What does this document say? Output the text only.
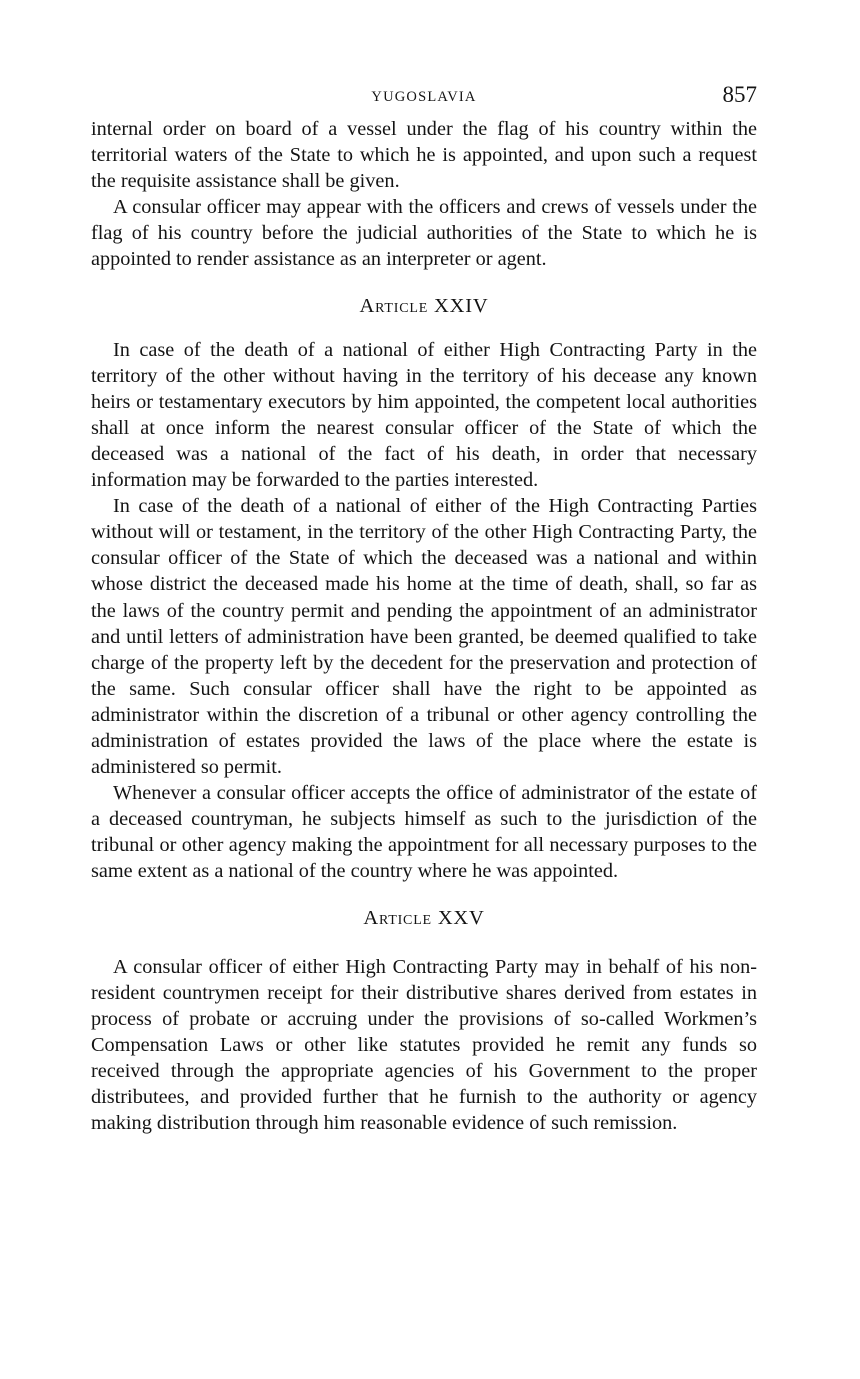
YUGOSLAVIA	857

internal order on board of a vessel under the flag of his country within the territorial waters of the State to which he is appointed, and upon such a request the requisite assistance shall be given.

A consular officer may appear with the officers and crews of vessels under the flag of his country before the judicial authorities of the State to which he is appointed to render assistance as an interpreter or agent.

Article XXIV

In case of the death of a national of either High Contracting Party in the territory of the other without having in the territory of his decease any known heirs or testamentary executors by him appointed, the competent local authorities shall at once inform the nearest consular officer of the State of which the deceased was a national of the fact of his death, in order that necessary information may be forwarded to the parties interested.

In case of the death of a national of either of the High Contracting Parties without will or testament, in the territory of the other High Contracting Party, the consular officer of the State of which the deceased was a national and within whose district the deceased made his home at the time of death, shall, so far as the laws of the country permit and pending the appointment of an administrator and until letters of administration have been granted, be deemed qualified to take charge of the property left by the decedent for the preservation and protection of the same. Such consular officer shall have the right to be appointed as administrator within the discretion of a tribunal or other agency controlling the administration of estates provided the laws of the place where the estate is administered so permit.

Whenever a consular officer accepts the office of administrator of the estate of a deceased countryman, he subjects himself as such to the jurisdiction of the tribunal or other agency making the appointment for all necessary purposes to the same extent as a national of the country where he was appointed.

Article XXV

A consular officer of either High Contracting Party may in behalf of his non-resident countrymen receipt for their distributive shares derived from estates in process of probate or accruing under the provisions of so-called Workmen’s Compensation Laws or other like statutes provided he remit any funds so received through the appropriate agencies of his Government to the proper distributees, and provided further that he furnish to the authority or agency making distribution through him reasonable evidence of such remission.
